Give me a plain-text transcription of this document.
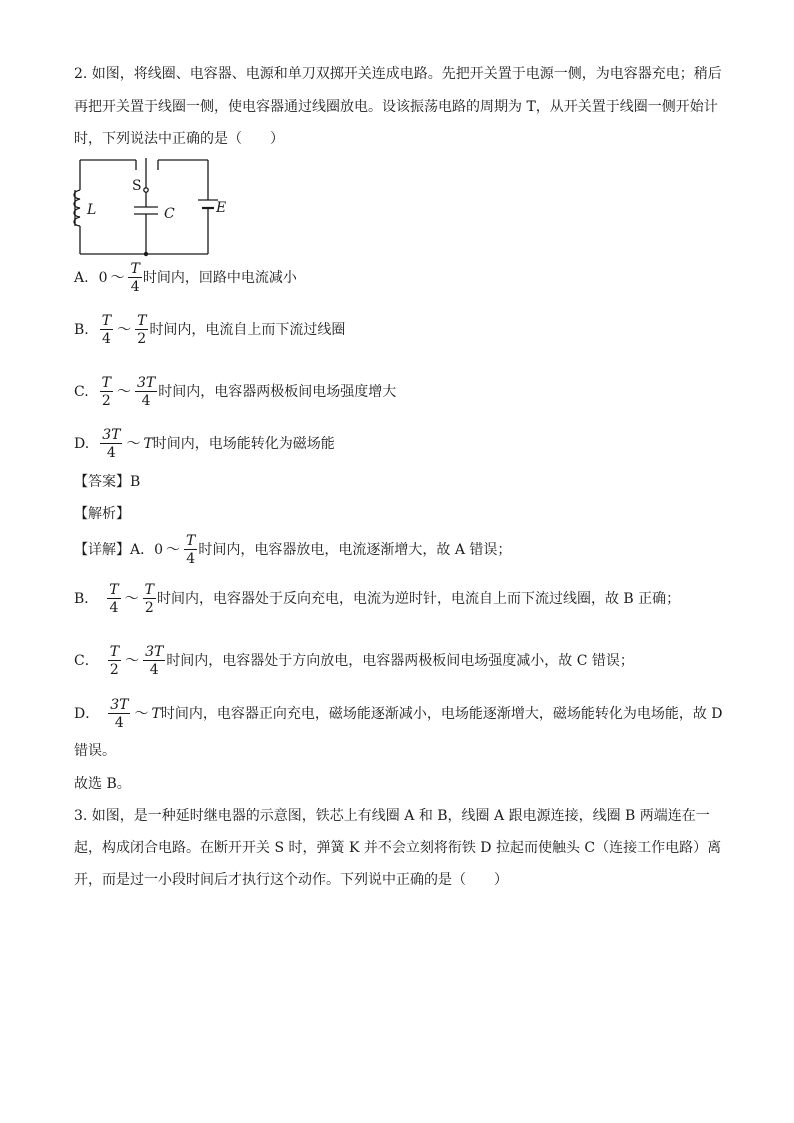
2. 如图，将线圈、电容器、电源和单刀双掷开关连成电路。先把开关置于电源一侧，为电容器充电；稍后
再把开关置于线圈一侧，使电容器通过线圈放电。设该振荡电路的周期为 T，从开关置于线圈一侧开始计
时，下列说法中正确的是（　　）
S
L	C	E
A. 0 ～ $\frac{T}{4}$ 时间内，回路中电流减小
B. $\frac{T}{4}$ ～ $\frac{T}{2}$ 时间内，电流自上而下流过线圈
C. $\frac{T}{2}$ ～ $\frac{3T}{4}$ 时间内，电容器两极板间电场强度增大
D. $\frac{3T}{4}$ ～ T 时间内，电场能转化为磁场能
【答案】B
【解析】
【详解】A． 0 ～ $\frac{T}{4}$ 时间内，电容器放电，电流逐渐增大，故 A 错误；
B． $\frac{T}{4}$ ～ $\frac{T}{2}$ 时间内，电容器处于反向充电，电流为逆时针，电流自上而下流过线圈，故 B 正确；
C． $\frac{T}{2}$ ～ $\frac{3T}{4}$ 时间内，电容器处于方向放电，电容器两极板间电场强度减小，故 C 错误；
D． $\frac{3T}{4}$ ～ T 时间内，电容器正向充电，磁场能逐渐减小，电场能逐渐增大，磁场能转化为电场能，故 D
错误。
故选 B。
3. 如图，是一种延时继电器的示意图，铁芯上有线圈 A 和 B，线圈 A 跟电源连接，线圈 B 两端连在一
起，构成闭合电路。在断开开关 S 时，弹簧 K 并不会立刻将衔铁 D 拉起而使触头 C（连接工作电路）离
开，而是过一小段时间后才执行这个动作。下列说中正确的是（　　）
